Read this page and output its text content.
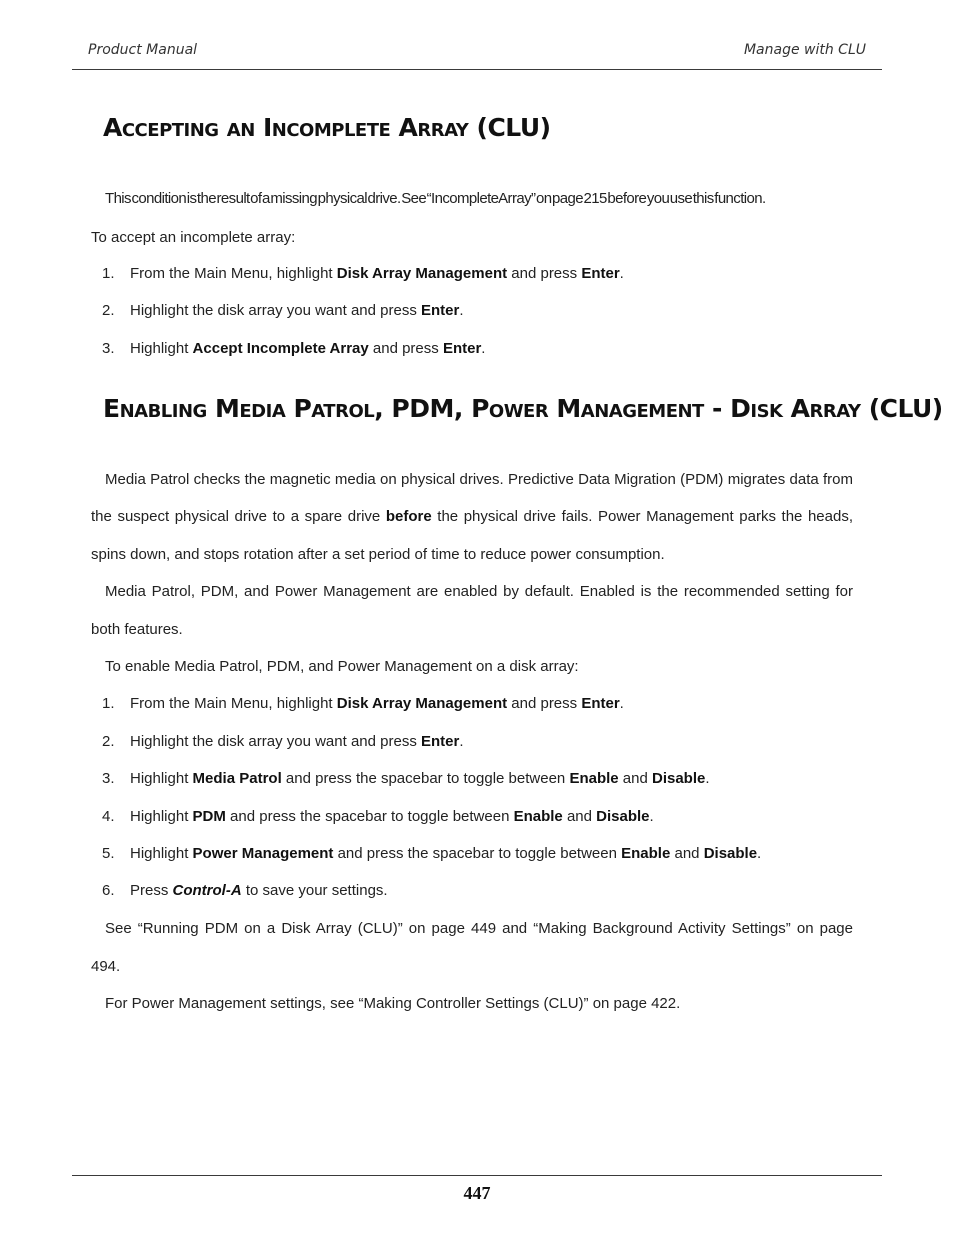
Product Manual	Manage with CLU
Accepting an Incomplete Array (CLU)

This condition is the result of a missing physical drive. See “Incomplete Array” on page 215 before you use this function.

To accept an incomplete array:

1. From the Main Menu, highlight Disk Array Management and press Enter.
2. Highlight the disk array you want and press Enter.
3. Highlight Accept Incomplete Array and press Enter.
Enabling Media Patrol, PDM, Power Management - Disk Array (CLU)

Media Patrol checks the magnetic media on physical drives. Predictive Data Migration (PDM) migrates data from

the suspect physical drive to a spare drive before the physical drive fails. Power Management parks the heads,

spins down, and stops rotation after a set period of time to reduce power consumption.

Media Patrol, PDM, and Power Management are enabled by default. Enabled is the recommended setting for

both features.

To enable Media Patrol, PDM, and Power Management on a disk array:

1. From the Main Menu, highlight Disk Array Management and press Enter.
2. Highlight the disk array you want and press Enter.
3. Highlight Media Patrol and press the spacebar to toggle between Enable and Disable.
4. Highlight PDM and press the spacebar to toggle between Enable and Disable.
5. Highlight Power Management and press the spacebar to toggle between Enable and Disable.
6. Press Control-A to save your settings.

See “Running PDM on a Disk Array (CLU)” on page 449 and “Making Background Activity Settings” on page

494.

For Power Management settings, see “Making Controller Settings (CLU)” on page 422.

447
